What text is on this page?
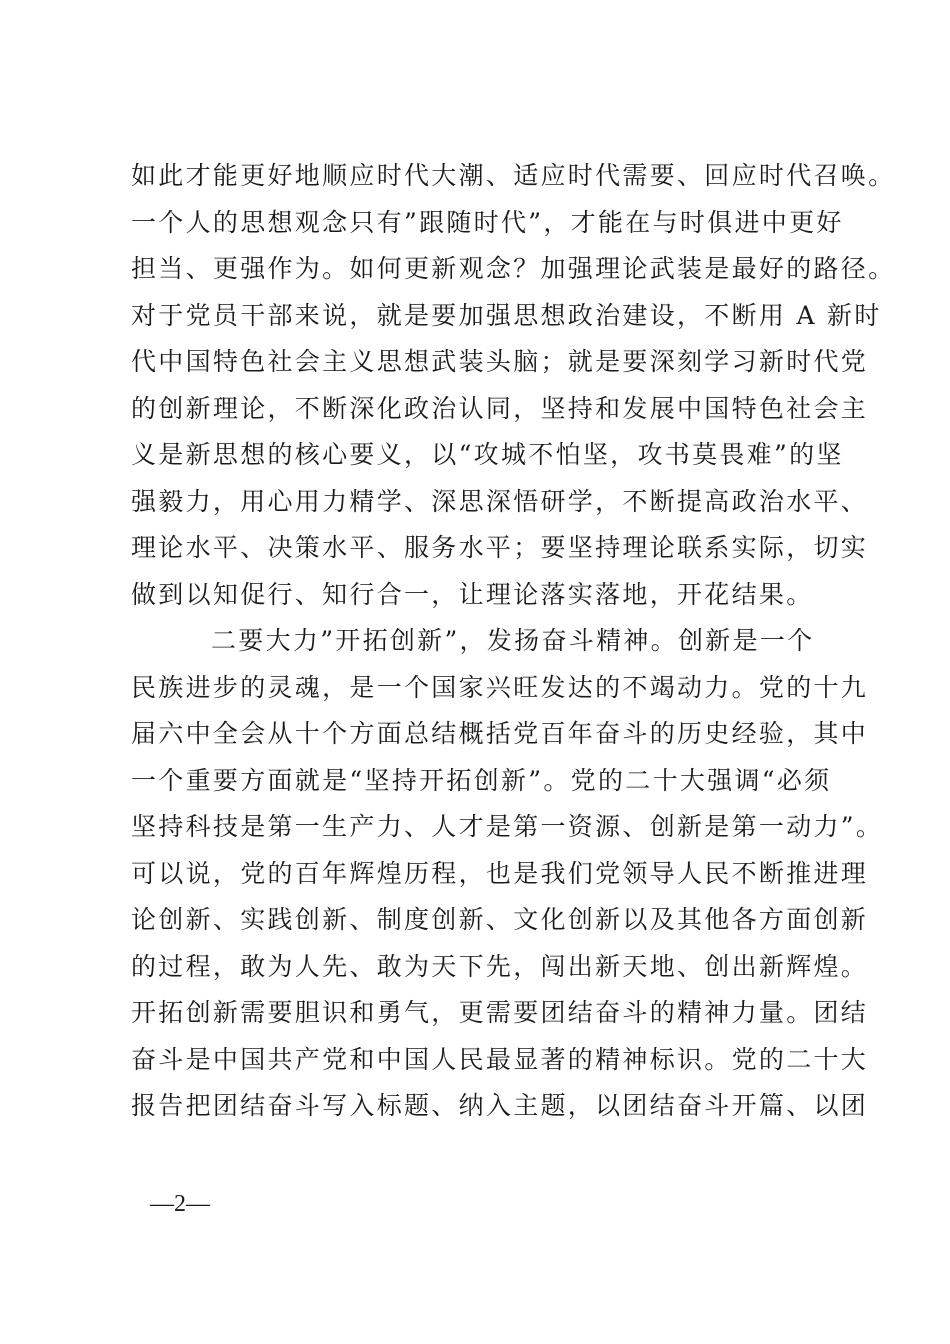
如此才能更好地顺应时代大潮、适应时代需要、回应时代召唤。
一个人的思想观念只有”跟随时代”，才能在与时俱进中更好
担当、更强作为。如何更新观念？加强理论武装是最好的路径。
对于党员干部来说，就是要加强思想政治建设，不断用 A 新时
代中国特色社会主义思想武装头脑；就是要深刻学习新时代党
的创新理论，不断深化政治认同，坚持和发展中国特色社会主
义是新思想的核心要义，以“攻城不怕坚，攻书莫畏难”的坚
强毅力，用心用力精学、深思深悟研学，不断提高政治水平、
理论水平、决策水平、服务水平；要坚持理论联系实际，切实
做到以知促行、知行合一，让理论落实落地，开花结果。
二要大力”开拓创新”，发扬奋斗精神。创新是一个
民族进步的灵魂，是一个国家兴旺发达的不竭动力。党的十九
届六中全会从十个方面总结概括党百年奋斗的历史经验，其中
一个重要方面就是“坚持开拓创新”。党的二十大强调“必须
坚持科技是第一生产力、人才是第一资源、创新是第一动力”。
可以说，党的百年辉煌历程，也是我们党领导人民不断推进理
论创新、实践创新、制度创新、文化创新以及其他各方面创新
的过程，敢为人先、敢为天下先，闯出新天地、创出新辉煌。
开拓创新需要胆识和勇气，更需要团结奋斗的精神力量。团结
奋斗是中国共产党和中国人民最显著的精神标识。党的二十大
报告把团结奋斗写入标题、纳入主题，以团结奋斗开篇、以团
—2—
